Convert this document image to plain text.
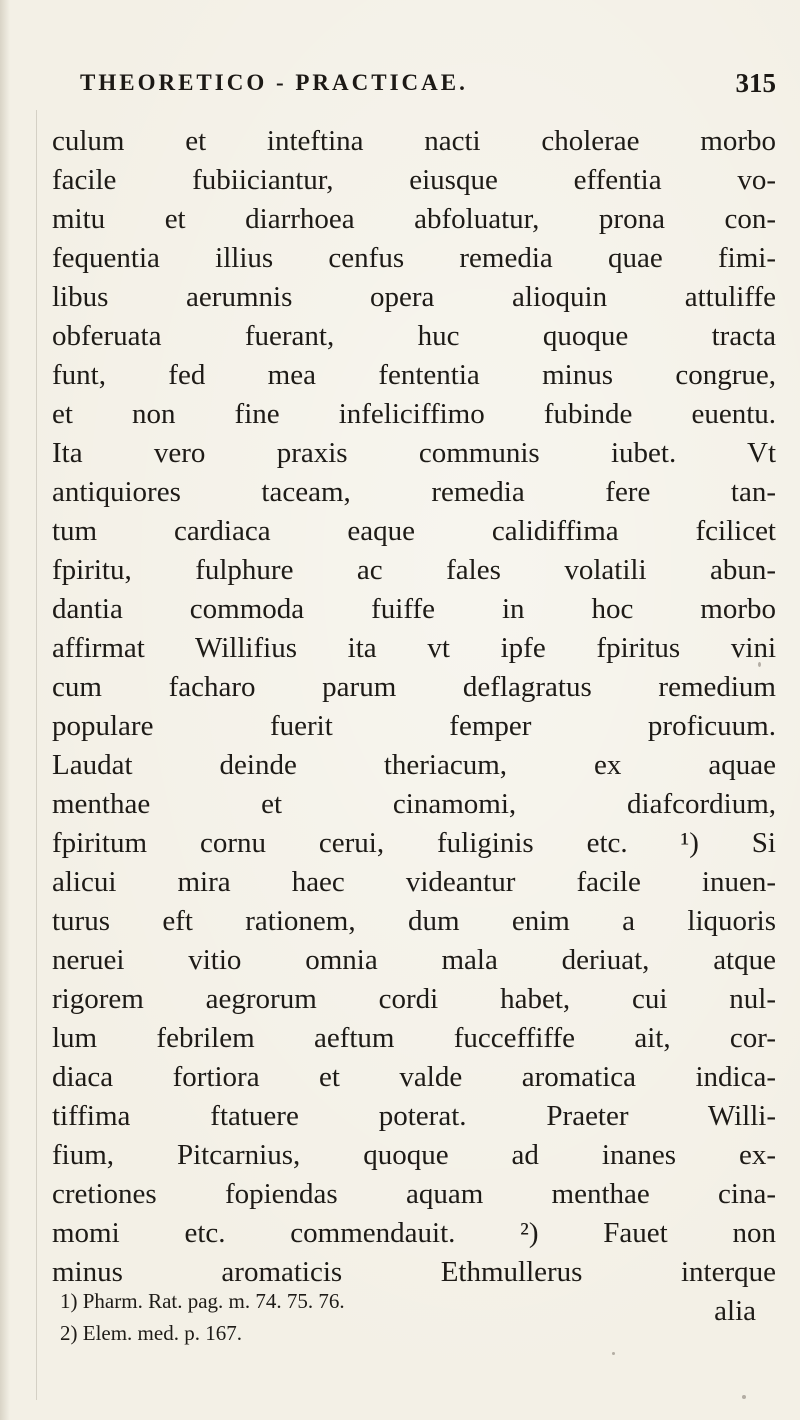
THEORETICO - PRACTICAE.	315
culum et inteftina nacti cholerae morbo
facile fubiiciantur, eiusque effentia vo-
mitu et diarrhoea abfoluatur, prona con-
fequentia illius cenfus remedia quae fimi-
libus aerumnis opera alioquin attuliffe
obferuata fuerant, huc quoque tracta
funt, fed mea fententia minus congrue,
et non fine infeliciffimo fubinde euentu.
Ita vero praxis communis iubet. Vt
antiquiores taceam, remedia fere tan-
tum cardiaca eaque calidiffima fcilicet
fpiritu, fulphure ac fales volatili abun-
dantia commoda fuiffe in hoc morbo
affirmat Willifius ita vt ipfe fpiritus vini
cum facharo parum deflagratus remedium
populare fuerit femper proficuum.
Laudat deinde theriacum, ex aquae
menthae et cinamomi, diafcordium,
fpiritum cornu cerui, fuliginis etc. ¹) Si
alicui mira haec videantur facile inuen-
turus eft rationem, dum enim a liquoris
neruei vitio omnia mala deriuat, atque
rigorem aegrorum cordi habet, cui nul-
lum febrilem aeftum fucceffiffe ait, cor-
diaca fortiora et valde aromatica indica-
tiffima ftatuere poterat. Praeter Willi-
fium, Pitcarnius, quoque ad inanes ex-
cretiones fopiendas aquam menthae cina-
momi etc. commendauit. ²) Fauet non
minus aromaticis Ethmullerus interque
alia
1) Pharm. Rat. pag. m. 74. 75. 76.
2) Elem. med. p. 167.
